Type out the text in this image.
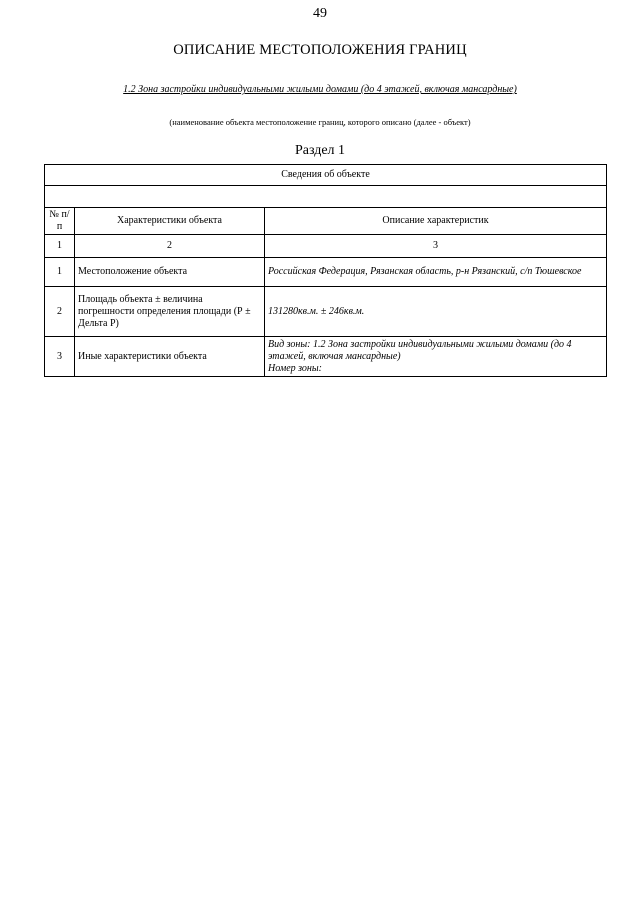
49
ОПИСАНИЕ МЕСТОПОЛОЖЕНИЯ ГРАНИЦ
1.2 Зона застройки индивидуальными жилыми домами (до 4 этажей, включая мансардные)
(наименование объекта местоположение границ, которого описано (далее - объект)
Раздел 1
Сведения об объекте		

№ п/п	Характеристики объекта	Описание характеристик
1	2	3
1	Местоположение объекта	Российская Федерация, Рязанская область, р-н Рязанский, с/п Тюшевское
2	Площадь объекта ± величина погрешности определения площади (Р ± Дельта Р)	131280кв.м. ± 246кв.м.
3	Иные характеристики объекта	Вид зоны: 1.2 Зона застройки индивидуальными жилыми домами (до 4 этажей, включая мансардные)
Номер зоны:
